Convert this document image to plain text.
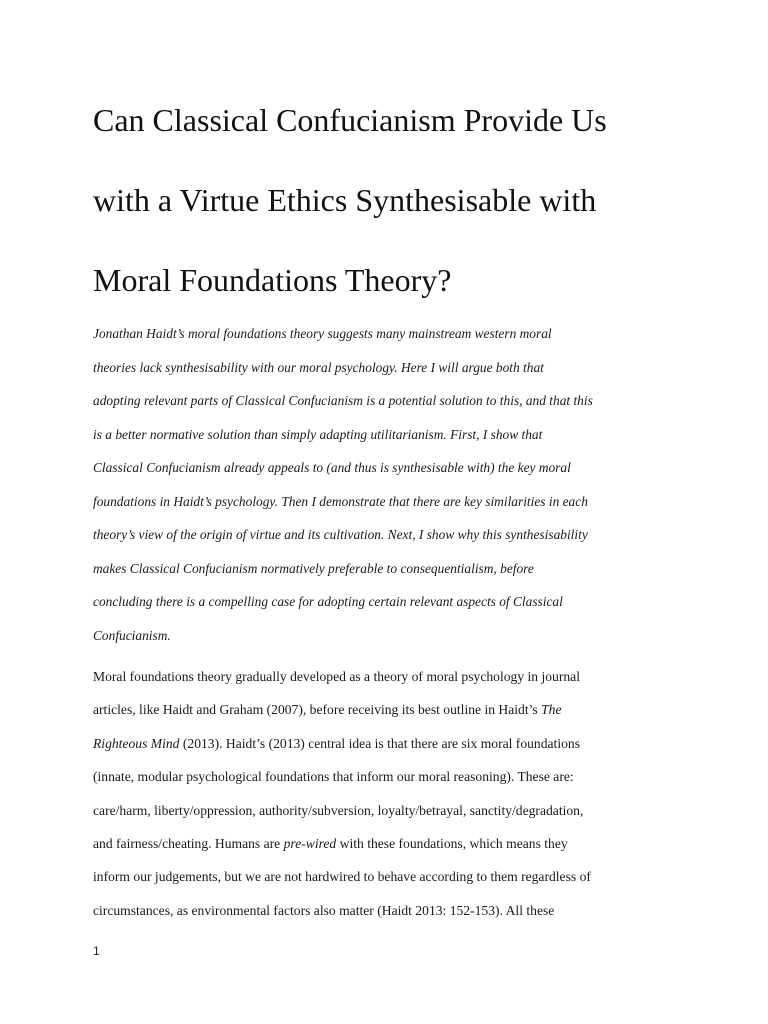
Can Classical Confucianism Provide Us
with a Virtue Ethics Synthesisable with
Moral Foundations Theory?

Jonathan Haidt’s moral foundations theory suggests many mainstream western moral
theories lack synthesisability with our moral psychology. Here I will argue both that
adopting relevant parts of Classical Confucianism is a potential solution to this, and that this
is a better normative solution than simply adapting utilitarianism. First, I show that
Classical Confucianism already appeals to (and thus is synthesisable with) the key moral
foundations in Haidt’s psychology. Then I demonstrate that there are key similarities in each
theory’s view of the origin of virtue and its cultivation. Next, I show why this synthesisability
makes Classical Confucianism normatively preferable to consequentialism, before
concluding there is a compelling case for adopting certain relevant aspects of Classical
Confucianism.

Moral foundations theory gradually developed as a theory of moral psychology in journal
articles, like Haidt and Graham (2007), before receiving its best outline in Haidt’s The
Righteous Mind (2013). Haidt’s (2013) central idea is that there are six moral foundations
(innate, modular psychological foundations that inform our moral reasoning). These are:
care/harm, liberty/oppression, authority/subversion, loyalty/betrayal, sanctity/degradation,
and fairness/cheating. Humans are pre-wired with these foundations, which means they
inform our judgements, but we are not hardwired to behave according to them regardless of
circumstances, as environmental factors also matter (Haidt 2013: 152-153). All these

1
